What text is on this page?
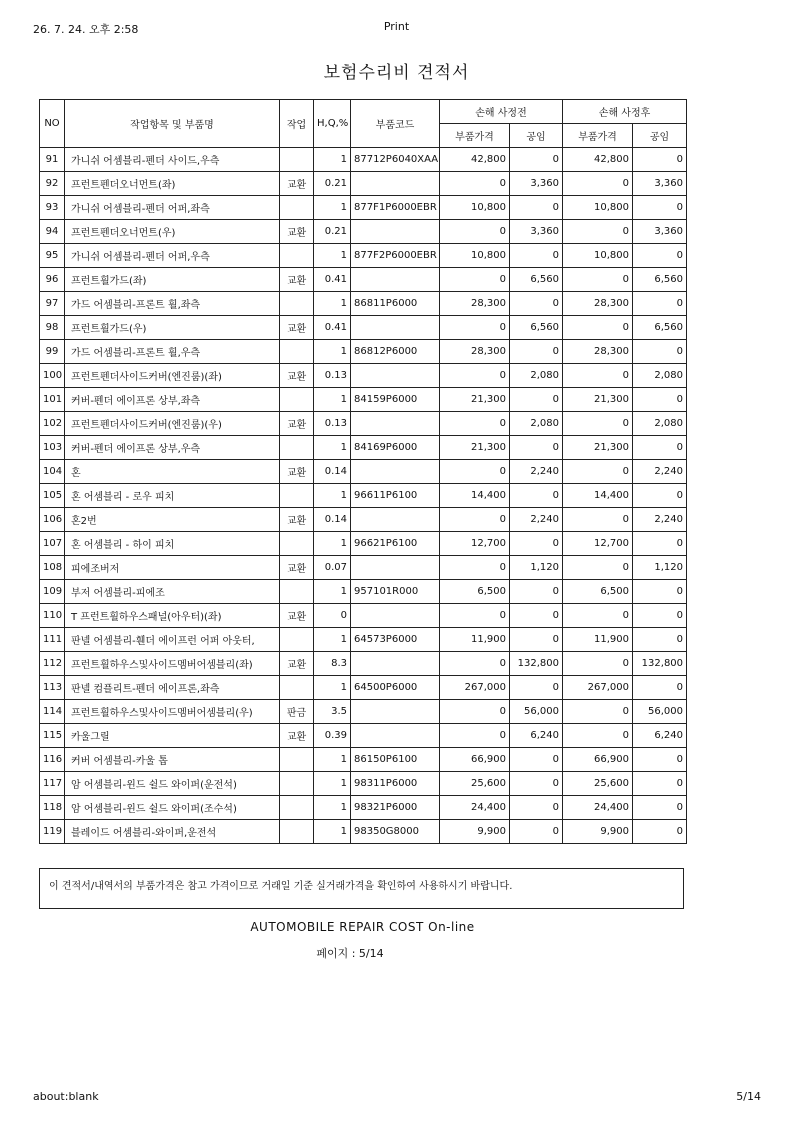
26. 7. 24. 오후 2:58	Print
보험수리비 견적서
NO	작업항목 및 부품명	작업	H,Q,%	부품코드	손해 사정전		손해 사정후	
					부품가격	공임	부품가격	공임
91	가니쉬 어셈블리-펜더 사이드,우측		1	87712P6040XAA	42,800	0	42,800	0
92	프런트펜더오너먼트(좌)	교환	0.21		0	3,360	0	3,360
93	가니쉬 어셈블리-펜더 어퍼,좌측		1	877F1P6000EBR	10,800	0	10,800	0
94	프런트펜더오너먼트(우)	교환	0.21		0	3,360	0	3,360
95	가니쉬 어셈블리-펜더 어퍼,우측		1	877F2P6000EBR	10,800	0	10,800	0
96	프런트휠가드(좌)	교환	0.41		0	6,560	0	6,560
97	가드 어셈블리-프론트 휠,좌측		1	86811P6000	28,300	0	28,300	0
98	프런트휠가드(우)	교환	0.41		0	6,560	0	6,560
99	가드 어셈블리-프론트 휠,우측		1	86812P6000	28,300	0	28,300	0
100	프런트펜더사이드커버(엔진룸)(좌)	교환	0.13		0	2,080	0	2,080
101	커버-펜더 에이프론 상부,좌측		1	84159P6000	21,300	0	21,300	0
102	프런트펜더사이드커버(엔진룸)(우)	교환	0.13		0	2,080	0	2,080
103	커버-펜더 에이프론 상부,우측		1	84169P6000	21,300	0	21,300	0
104	혼	교환	0.14		0	2,240	0	2,240
105	혼 어셈블리 - 로우 피치		1	96611P6100	14,400	0	14,400	0
106	혼2번	교환	0.14		0	2,240	0	2,240
107	혼 어셈블리 - 하이 피치		1	96621P6100	12,700	0	12,700	0
108	피에조버저	교환	0.07		0	1,120	0	1,120
109	부저 어셈블리-피에조		1	957101R000	6,500	0	6,500	0
110	T 프런트휠하우스패널(아우터)(좌)	교환	0		0	0	0	0
111	판넬 어셈블리-휀더 에이프런 어퍼 아웃터,		1	64573P6000	11,900	0	11,900	0
112	프런트휠하우스및사이드멤버어셈블리(좌)	교환	8.3		0	132,800	0	132,800
113	판넬 컴플리트-펜더 에이프론,좌측		1	64500P6000	267,000	0	267,000	0
114	프런트휠하우스및사이드멤버어셈블리(우)	판금	3.5		0	56,000	0	56,000
115	카울그릴	교환	0.39		0	6,240	0	6,240
116	커버 어셈블리-카울 톱		1	86150P6100	66,900	0	66,900	0
117	암 어셈블리-윈드 쉴드 와이퍼(운전석)		1	98311P6000	25,600	0	25,600	0
118	암 어셈블리-윈드 쉴드 와이퍼(조수석)		1	98321P6000	24,400	0	24,400	0
119	블레이드 어셈블리-와이퍼,운전석		1	98350G8000	9,900	0	9,900	0
이 견적서/내역서의 부품가격은 참고 가격이므로 거래일 기준 실거래가격을 확인하여 사용하시기 바랍니다.
AUTOMOBILE REPAIR COST On-line
페이지 : 5/14
about:blank	5/14
